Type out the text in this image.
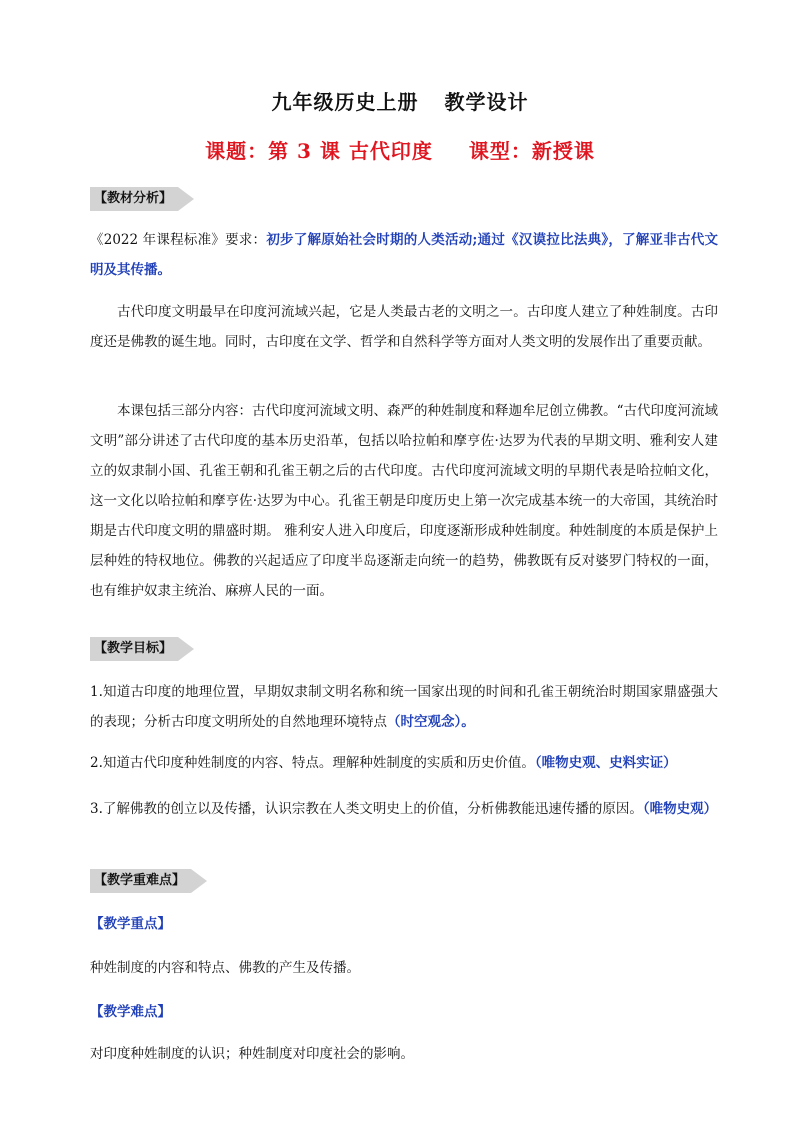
九年级历史上册 教学设计
课题：第 3 课 古代印度 课型：新授课
【教材分析】
《2022 年课程标准》要求：初步了解原始社会时期的人类活动;通过《汉谟拉比法典》，了解亚非古代文明及其传播。
古代印度文明最早在印度河流域兴起，它是人类最古老的文明之一。古印度人建立了种姓制度。古印度还是佛教的诞生地。同时，古印度在文学、哲学和自然科学等方面对人类文明的发展作出了重要贡献。
本课包括三部分内容：古代印度河流域文明、森严的种姓制度和释迦牟尼创立佛教。“古代印度河流域文明”部分讲述了古代印度的基本历史沿革，包括以哈拉帕和摩亨佐·达罗为代表的早期文明、雅利安人建立的奴隶制小国、孔雀王朝和孔雀王朝之后的古代印度。古代印度河流域文明的早期代表是哈拉帕文化，这一文化以哈拉帕和摩亨佐·达罗为中心。孔雀王朝是印度历史上第一次完成基本统一的大帝国，其统治时期是古代印度文明的鼎盛时期。 雅利安人进入印度后，印度逐渐形成种姓制度。种姓制度的本质是保护上层种姓的特权地位。佛教的兴起适应了印度半岛逐渐走向统一的趋势，佛教既有反对婆罗门特权的一面，也有维护奴隶主统治、麻痹人民的一面。
【教学目标】
1.知道古印度的地理位置，早期奴隶制文明名称和统一国家出现的时间和孔雀王朝统治时期国家鼎盛强大的表现；分析古印度文明所处的自然地理环境特点（时空观念）。
2.知道古代印度种姓制度的内容、特点。理解种姓制度的实质和历史价值。（唯物史观、史料实证）
3.了解佛教的创立以及传播，认识宗教在人类文明史上的价值，分析佛教能迅速传播的原因。（唯物史观）
【教学重难点】
【教学重点】
种姓制度的内容和特点、佛教的产生及传播。
【教学难点】
对印度种姓制度的认识；种姓制度对印度社会的影响。
